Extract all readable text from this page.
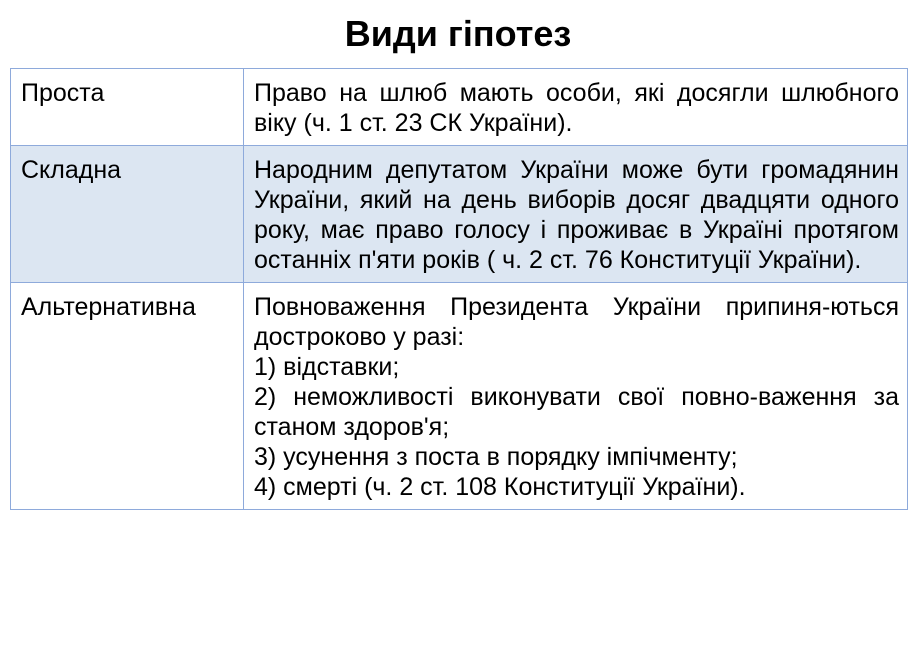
Види гіпотез
Проста	Право на шлюб мають особи, які досягли шлюбного віку (ч. 1 ст. 23 СК України).

Складна	Народним депутатом України може бути громадянин України, який на день виборів досяг двадцяти одного року, має право голосу і проживає в Україні протягом останніх п'яти років ( ч. 2 ст. 76 Конституції України).

Альтернативна	Повноваження Президента України припиня-ються достроково у разі:

1) відставки;

2) неможливості виконувати свої повно-важення за станом здоров'я;

3) усунення з поста в порядку імпічменту;

4) смерті (ч. 2 ст. 108 Конституції України).
